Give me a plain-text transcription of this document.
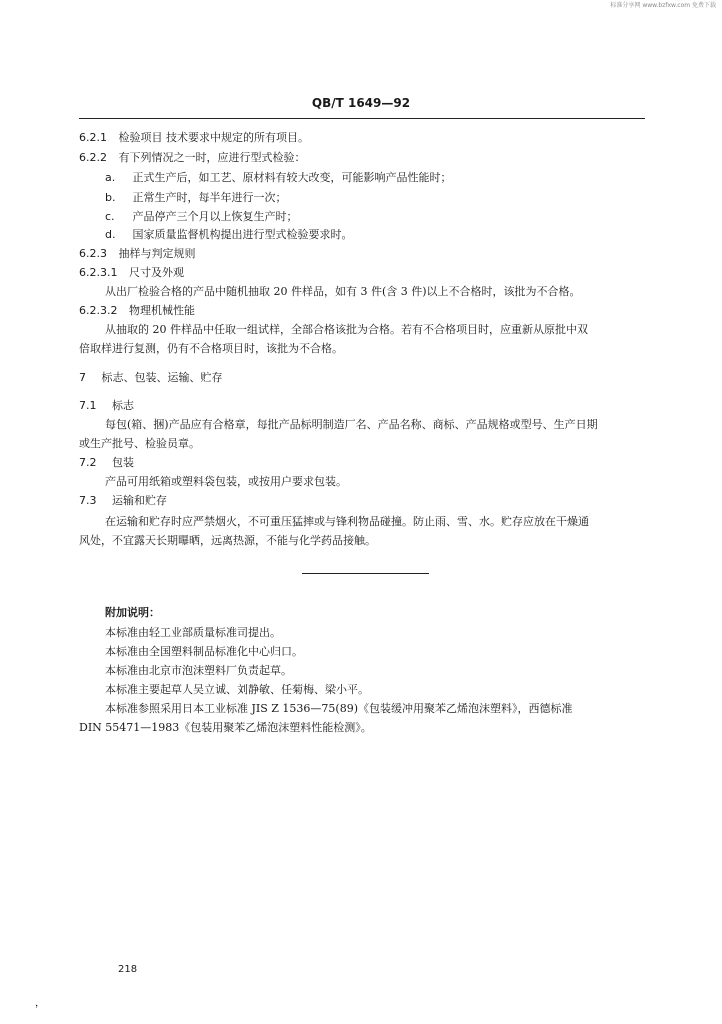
标准分享网 www.bzfxw.com 免费下载
QB/T 1649—92
6.2.1 检验项目 技术要求中规定的所有项目。
6.2.2 有下列情况之一时，应进行型式检验：
a. 正式生产后，如工艺、原材料有较大改变，可能影响产品性能时；
b. 正常生产时，每半年进行一次；
c. 产品停产三个月以上恢复生产时；
d. 国家质量监督机构提出进行型式检验要求时。
6.2.3 抽样与判定规则
6.2.3.1 尺寸及外观
从出厂检验合格的产品中随机抽取 20 件样品，如有 3 件(含 3 件)以上不合格时，该批为不合格。
6.2.3.2 物理机械性能
从抽取的 20 件样品中任取一组试样，全部合格该批为合格。若有不合格项目时，应重新从原批中双
倍取样进行复测，仍有不合格项目时，该批为不合格。
7 标志、包装、运输、贮存
7.1 标志
每包(箱、捆)产品应有合格章，每批产品标明制造厂名、产品名称、商标、产品规格或型号、生产日期
或生产批号、检验员章。
7.2 包装
产品可用纸箱或塑料袋包装，或按用户要求包装。
7.3 运输和贮存
在运输和贮存时应严禁烟火，不可重压猛摔或与锋利物品碰撞。防止雨、雪、水。贮存应放在干燥通
风处，不宜露天长期曝晒，远离热源，不能与化学药品接触。
附加说明：
本标准由轻工业部质量标准司提出。
本标准由全国塑料制品标准化中心归口。
本标准由北京市泡沫塑料厂负责起草。
本标准主要起草人吴立诚、刘静敏、任菊梅、梁小平。
本标准参照采用日本工业标准 JIS Z 1536—75(89)《包装缓冲用聚苯乙烯泡沫塑料》，西德标准
DIN 55471—1983《包装用聚苯乙烯泡沫塑料性能检测》。
218
，
